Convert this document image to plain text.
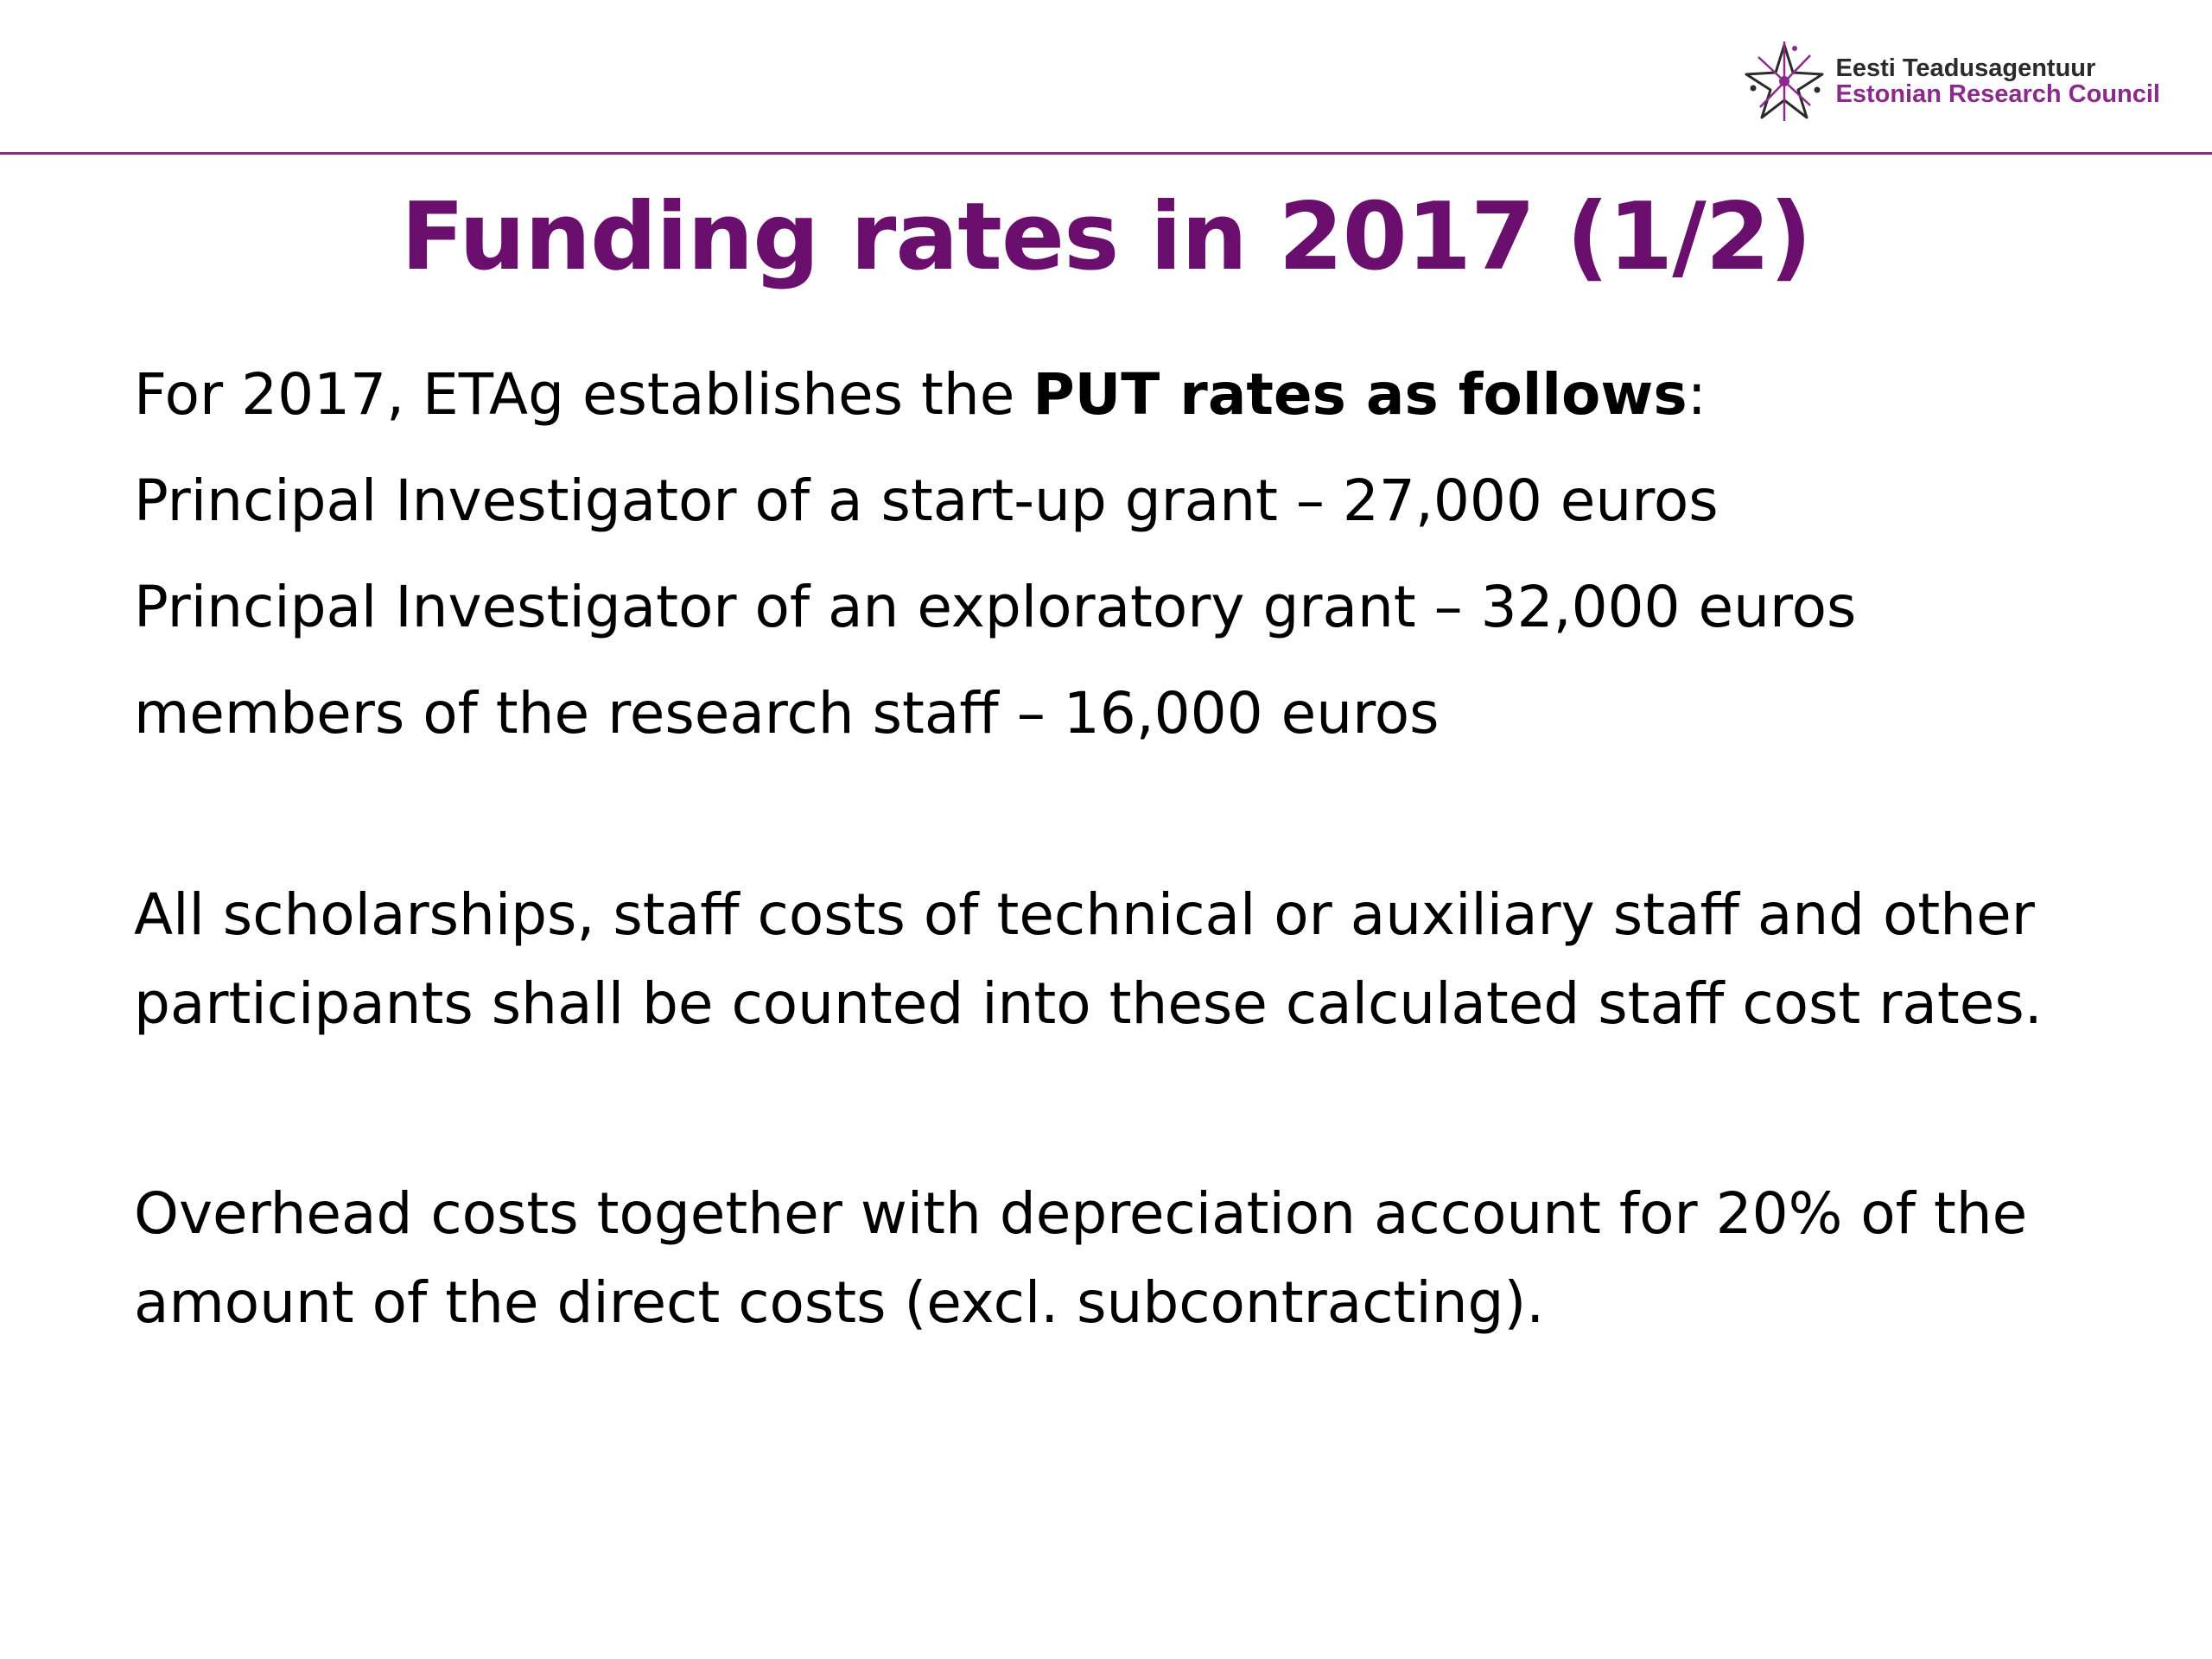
Eesti Teadusagentuur
Estonian Research Council
Funding rates in 2017 (1/2)

For 2017, ETAg establishes the PUT rates as follows:

Principal Investigator of a start-up grant – 27,000 euros

Principal Investigator of an exploratory grant – 32,000 euros

members of the research staff – 16,000 euros

All scholarships, staff costs of technical or auxiliary staff and other participants shall be counted into these calculated staff cost rates.

Overhead costs together with depreciation account for 20% of the amount of the direct costs (excl. subcontracting).
